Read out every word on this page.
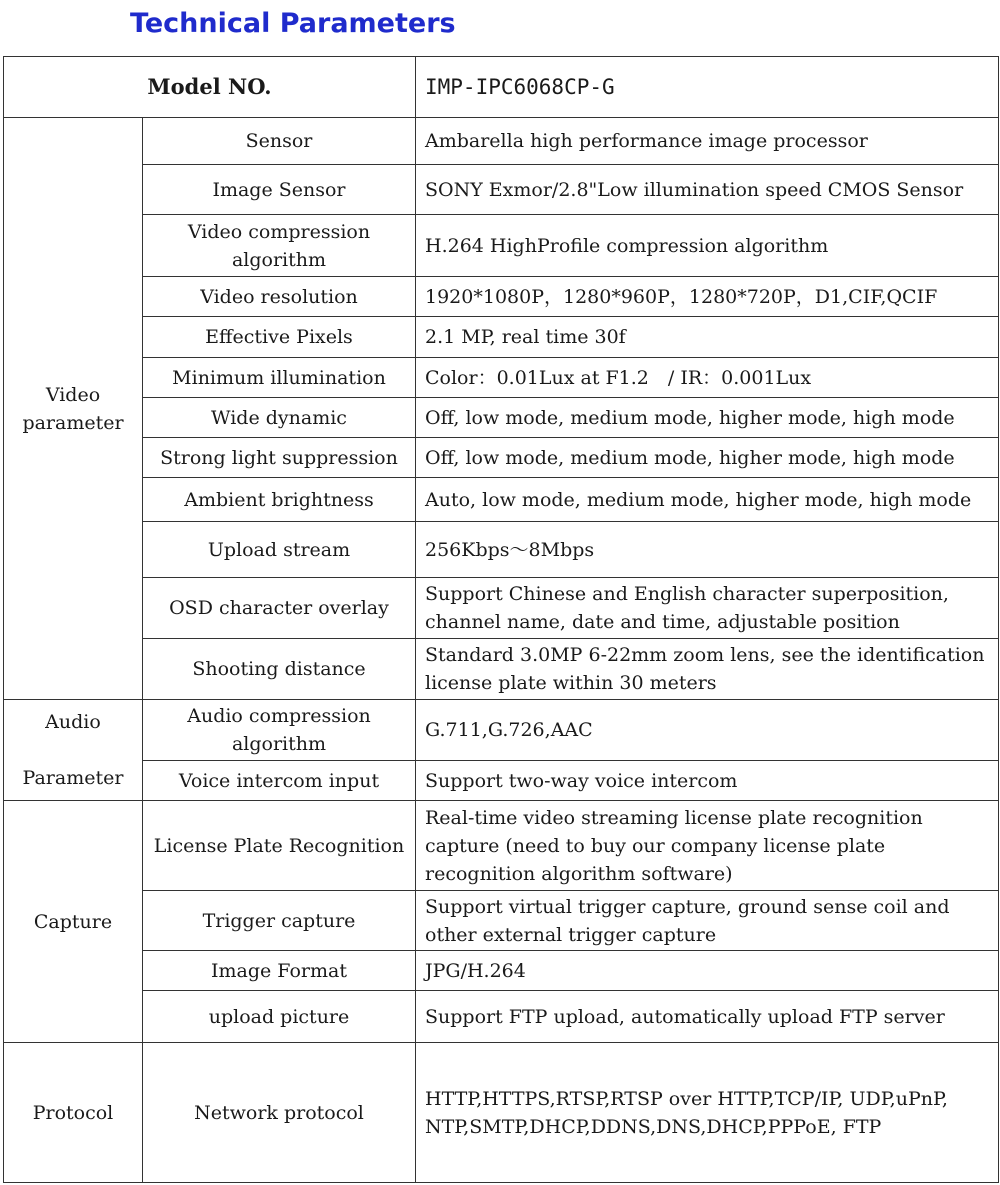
Technical Parameters
Model NO.		IMP-IPC6068CP-G
Video parameter	Sensor	Ambarella high performance image processor
	Image Sensor	SONY Exmor/2.8"Low illumination speed CMOS Sensor
	Video compression algorithm	H.264 HighProfile compression algorithm
	Video resolution	1920*1080P，1280*960P，1280*720P，D1,CIF,QCIF
	Effective Pixels	2.1 MP, real time 30f
	Minimum illumination	Color：0.01Lux at F1.2　/ IR：0.001Lux
	Wide dynamic	Off, low mode, medium mode, higher mode, high mode
	Strong light suppression	Off, low mode, medium mode, higher mode, high mode
	Ambient brightness	Auto, low mode, medium mode, higher mode, high mode
	Upload stream	256Kbps～8Mbps
	OSD character overlay	Support Chinese and English character superposition, channel name, date and time, adjustable position
	Shooting distance	Standard 3.0MP 6-22mm zoom lens, see the identification license plate within 30 meters

Audio
Parameter	Audio compression algorithm	G.711,G.726,AAC
	Voice intercom input	Support two-way voice intercom
Capture	License Plate Recognition	Real-time video streaming license plate recognition capture (need to buy our company license plate recognition algorithm software)
	Trigger capture	Support virtual trigger capture, ground sense coil and other external trigger capture
	Image Format	JPG/H.264
	upload picture	Support FTP upload, automatically upload FTP server
Protocol	Network protocol	HTTP,HTTPS,RTSP,RTSP over HTTP,TCP/IP, UDP,uPnP, NTP,SMTP,DHCP,DDNS,DNS,DHCP,PPPoE, FTP
